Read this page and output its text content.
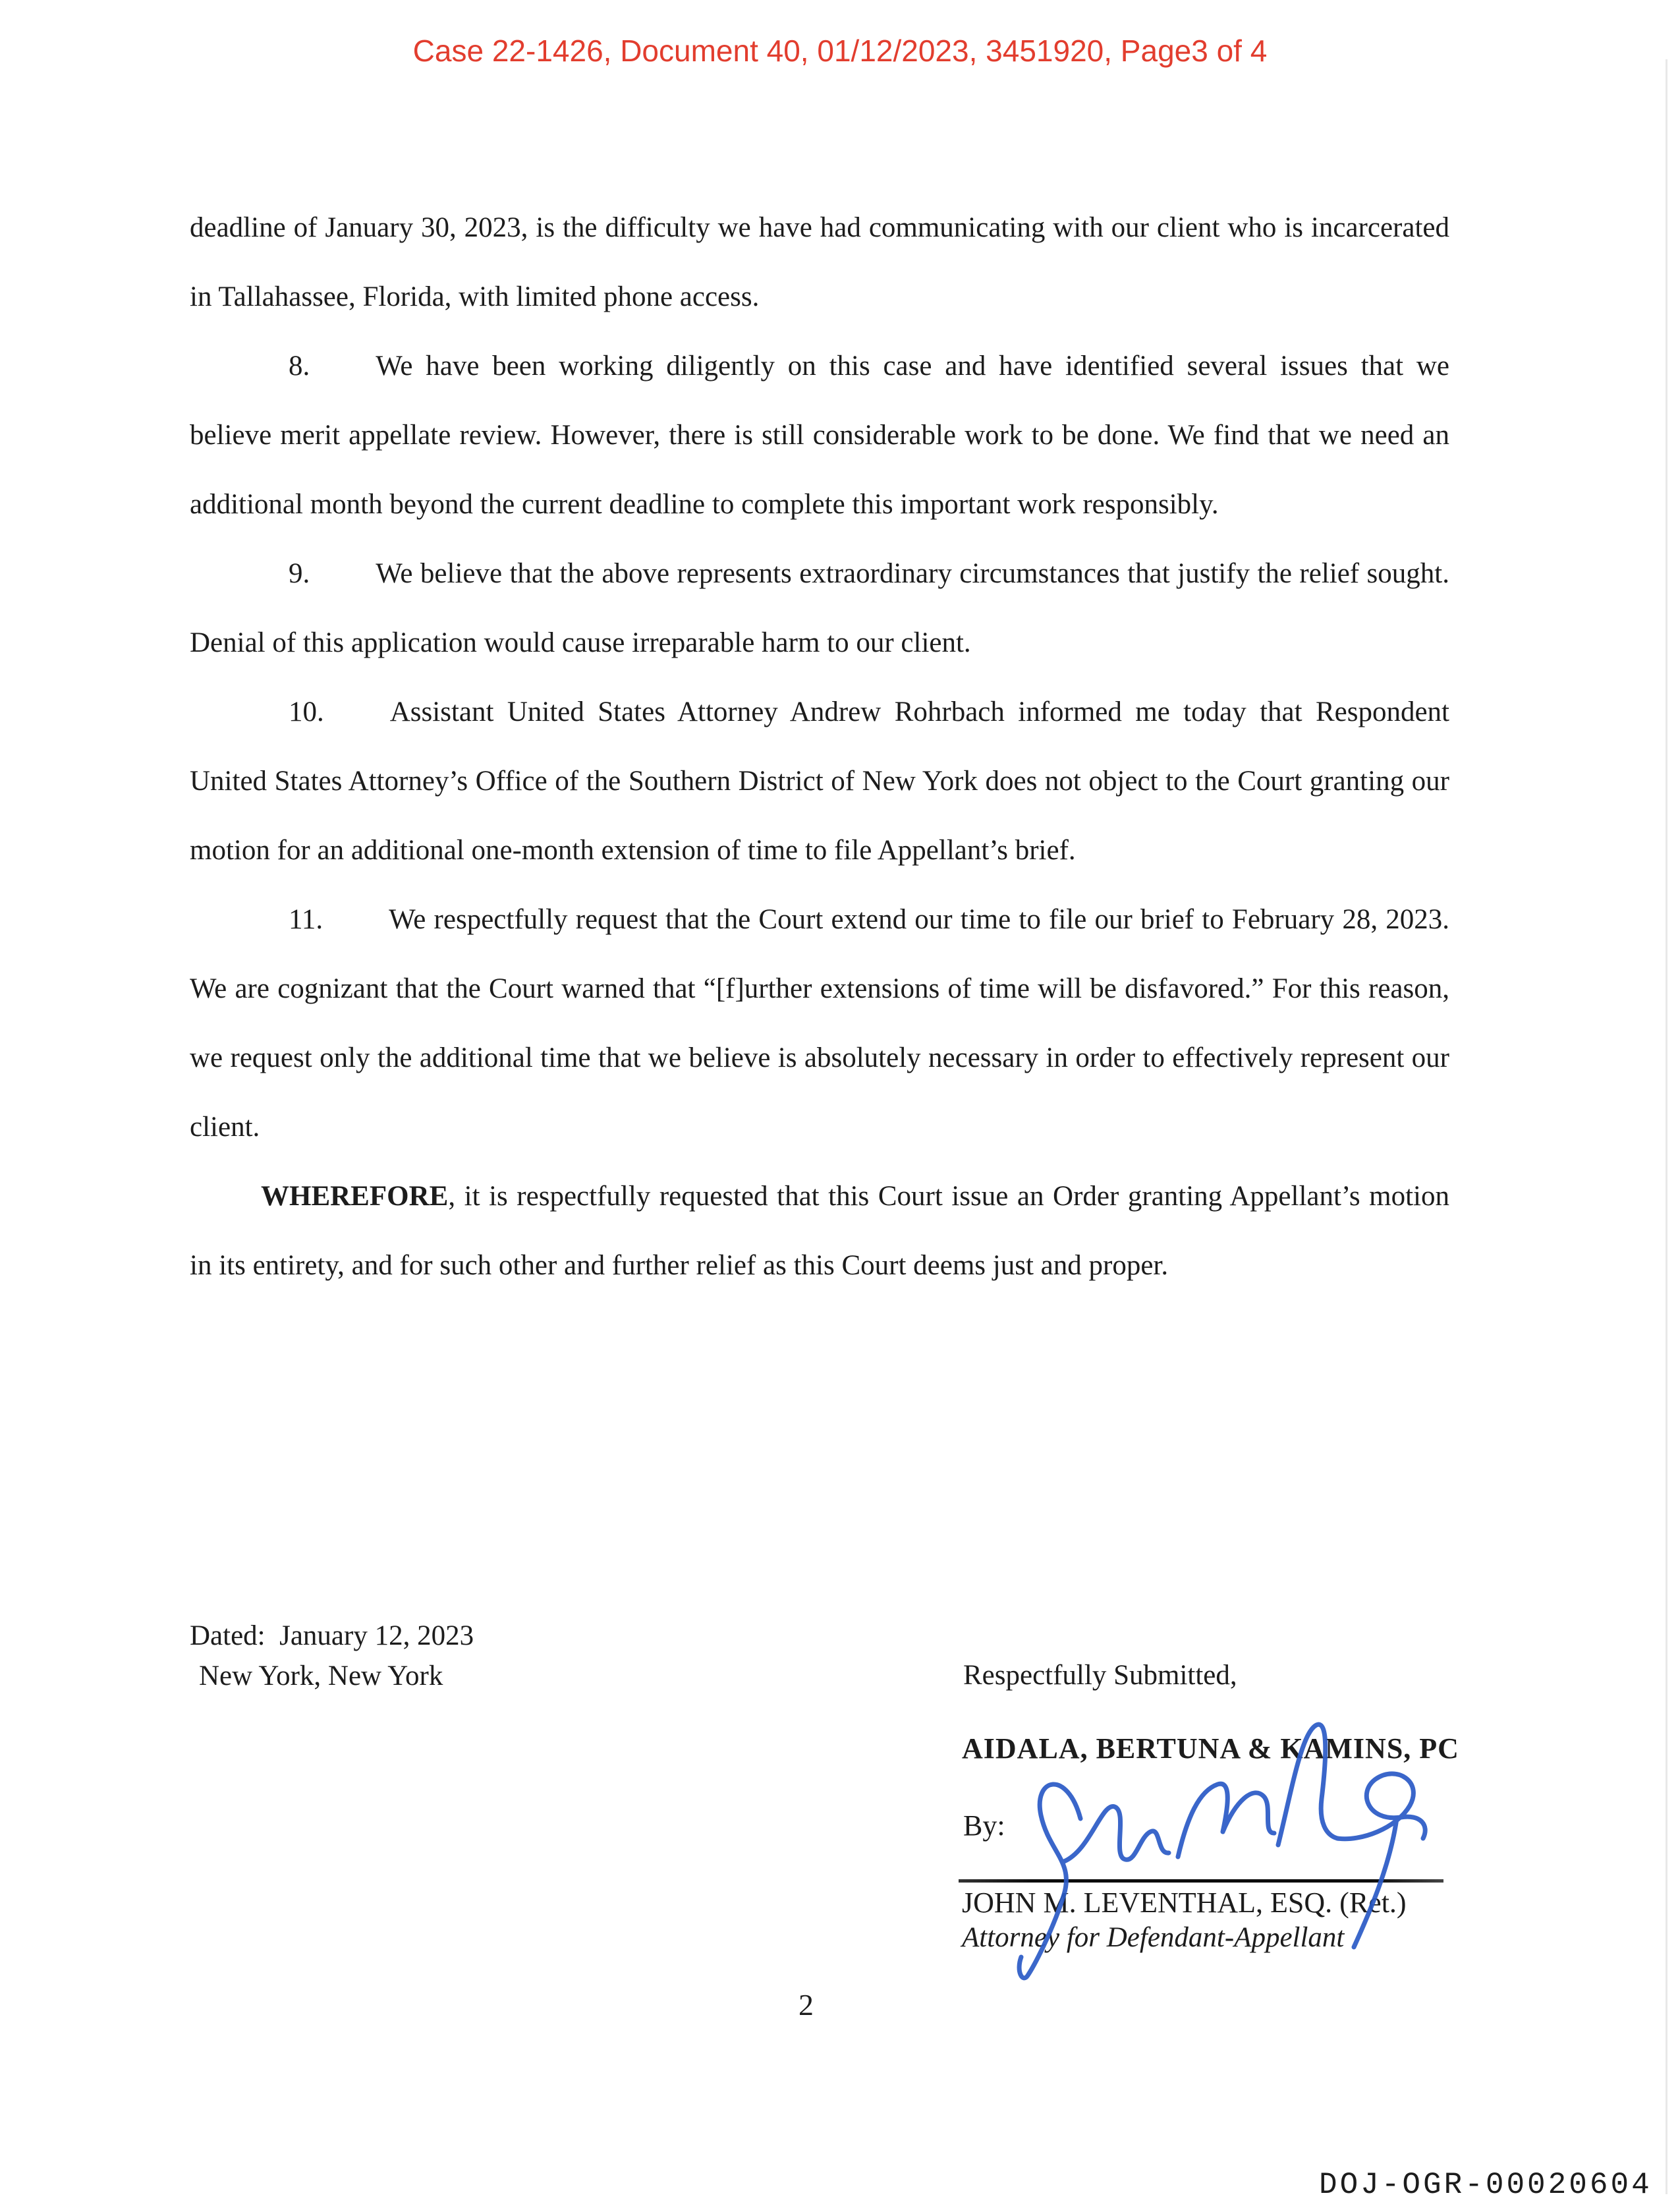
Case 22-1426, Document 40, 01/12/2023, 3451920, Page3 of 4

deadline of January 30, 2023, is the difficulty we have had communicating with our client who is incarcerated in Tallahassee, Florida, with limited phone access.

8. We have been working diligently on this case and have identified several issues that we believe merit appellate review. However, there is still considerable work to be done. We find that we need an additional month beyond the current deadline to complete this important work responsibly.

9. We believe that the above represents extraordinary circumstances that justify the relief sought. Denial of this application would cause irreparable harm to our client.

10. Assistant United States Attorney Andrew Rohrbach informed me today that Respondent United States Attorney’s Office of the Southern District of New York does not object to the Court granting our motion for an additional one-month extension of time to file Appellant’s brief.

11. We respectfully request that the Court extend our time to file our brief to February 28, 2023. We are cognizant that the Court warned that “[f]urther extensions of time will be disfavored.” For this reason, we request only the additional time that we believe is absolutely necessary in order to effectively represent our client.

WHEREFORE, it is respectfully requested that this Court issue an Order granting Appellant’s motion in its entirety, and for such other and further relief as this Court deems just and proper.

Dated:  January 12, 2023
New York, New York	Respectfully Submitted,
AIDALA, BERTUNA & KAMINS, PC
By:
JOHN M. LEVENTHAL, ESQ. (Ret.)
Attorney for Defendant-Appellant
2
DOJ-OGR-00020604
